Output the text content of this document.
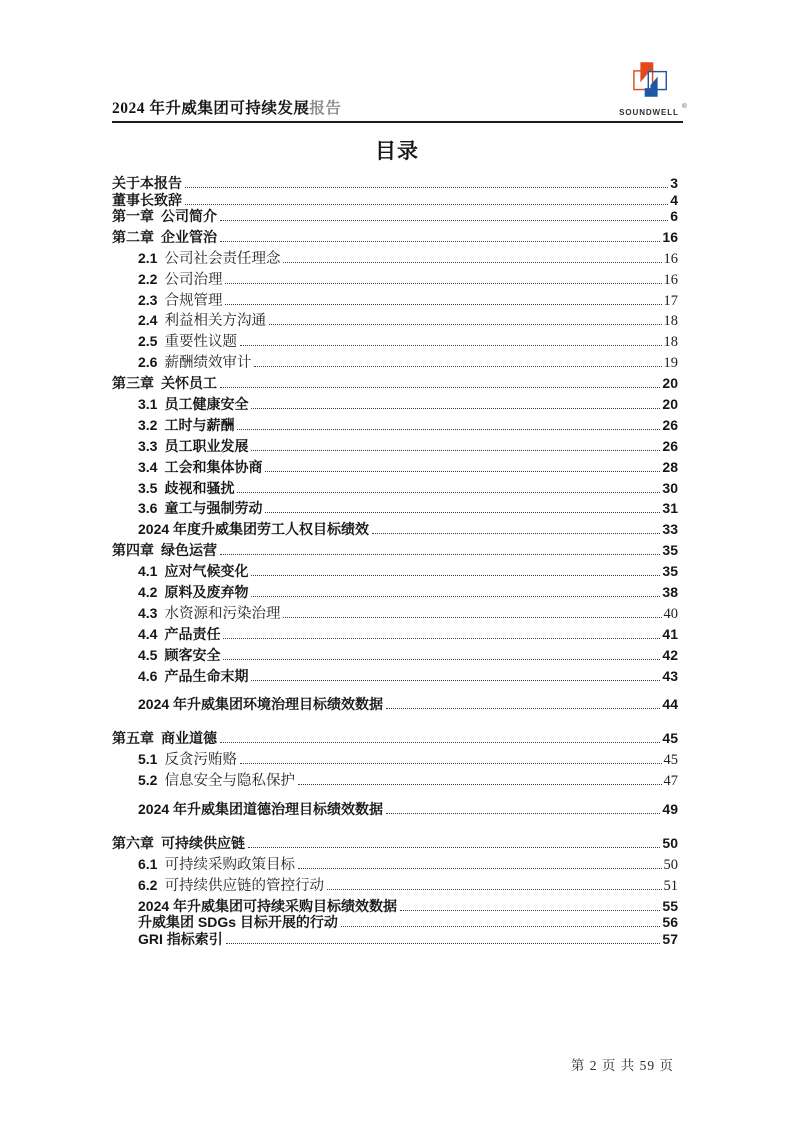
2024 年升威集团可持续发展报告	SOUNDWELL
®
目录
关于本报告	3
董事长致辞	4
第一章 公司简介	6
第二章 企业管治	16
2.1 公司社会责任理念	16
2.2 公司治理	16
2.3 合规管理	17
2.4 利益相关方沟通	18
2.5 重要性议题	18
2.6 薪酬绩效审计	19
第三章 关怀员工	20
3.1 员工健康安全	20
3.2 工时与薪酬	26
3.3 员工职业发展	26
3.4 工会和集体协商	28
3.5 歧视和骚扰	30
3.6 童工与强制劳动	31
2024 年度升威集团劳工人权目标绩效	33
第四章 绿色运营	35
4.1 应对气候变化	35
4.2 原料及废弃物	38
4.3 水资源和污染治理	40
4.4 产品责任	41
4.5 顾客安全	42
4.6 产品生命末期	43
2024 年升威集团环境治理目标绩效数据	44
第五章 商业道德	45
5.1 反贪污贿赂	45
5.2 信息安全与隐私保护	47
2024 年升威集团道德治理目标绩效数据	49
第六章 可持续供应链	50
6.1 可持续采购政策目标	50
6.2 可持续供应链的管控行动	51
2024 年升威集团可持续采购目标绩效数据	55
升威集团 SDGs 目标开展的行动	56
GRI 指标索引	57
第 2 页 共 59 页
